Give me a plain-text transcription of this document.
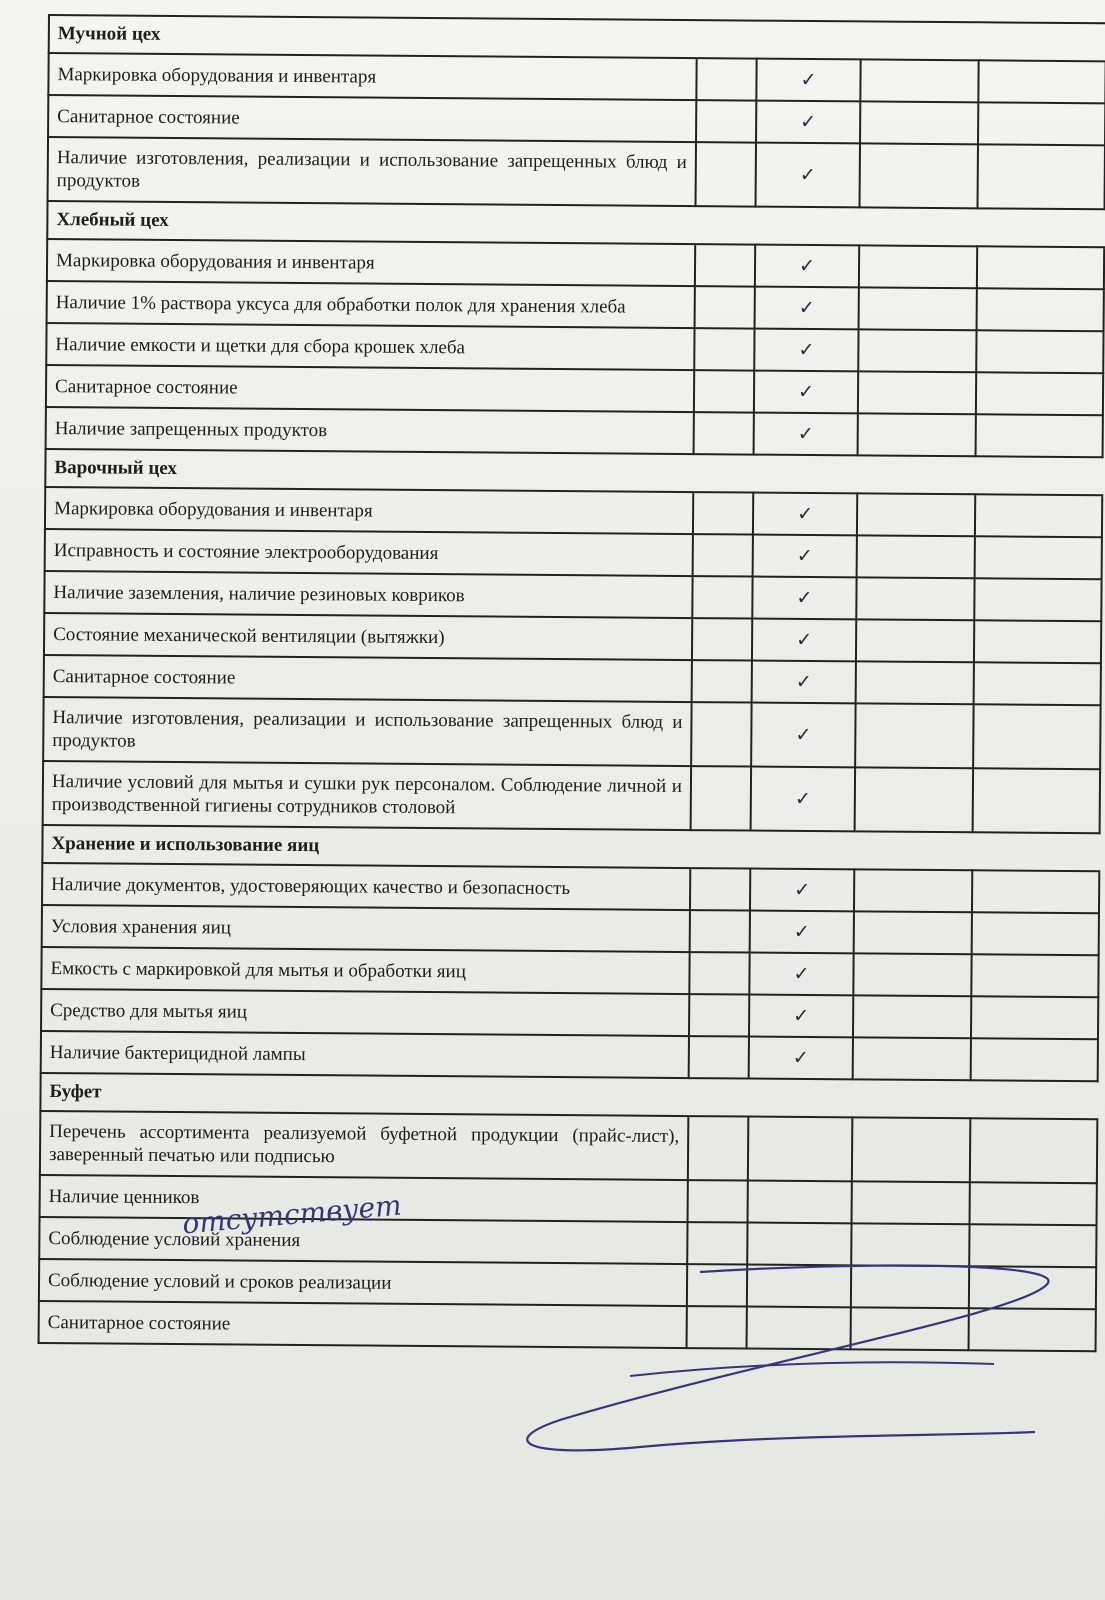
Мучной цех				
Маркировка оборудования и инвентаря		✓		
Санитарное состояние		✓		
Наличие изготовления, реализации и использование запрещенных блюд и продуктов		✓		
Хлебный цех				
Маркировка оборудования и инвентаря		✓		
Наличие 1% раствора уксуса для обработки полок для хранения хлеба		✓		
Наличие емкости и щетки для сбора крошек хлеба		✓		
Санитарное состояние		✓		
Наличие запрещенных продуктов		✓		
Варочный цех				
Маркировка оборудования и инвентаря		✓		
Исправность и состояние электрооборудования		✓		
Наличие заземления, наличие резиновых ковриков		✓		
Состояние механической вентиляции (вытяжки)		✓		
Санитарное состояние		✓		
Наличие изготовления, реализации и использование запрещенных блюд и продуктов		✓		
Наличие условий для мытья и сушки рук персоналом. Соблюдение личной и производственной гигиены сотрудников столовой		✓		
Хранение и использование яиц				
Наличие документов, удостоверяющих качество и безопасность		✓		
Условия хранения яиц		✓		
Емкость с маркировкой для мытья и обработки яиц		✓		
Средство для мытья яиц		✓		
Наличие бактерицидной лампы		✓		
Буфет				
Перечень ассортимента реализуемой буфетной продукции (прайс-лист), заверенный печатью или подписью				
Наличие ценников				
Соблюдение условий хранения				
Соблюдение условий и сроков реализации				
Санитарное состояние				
отсутствует
